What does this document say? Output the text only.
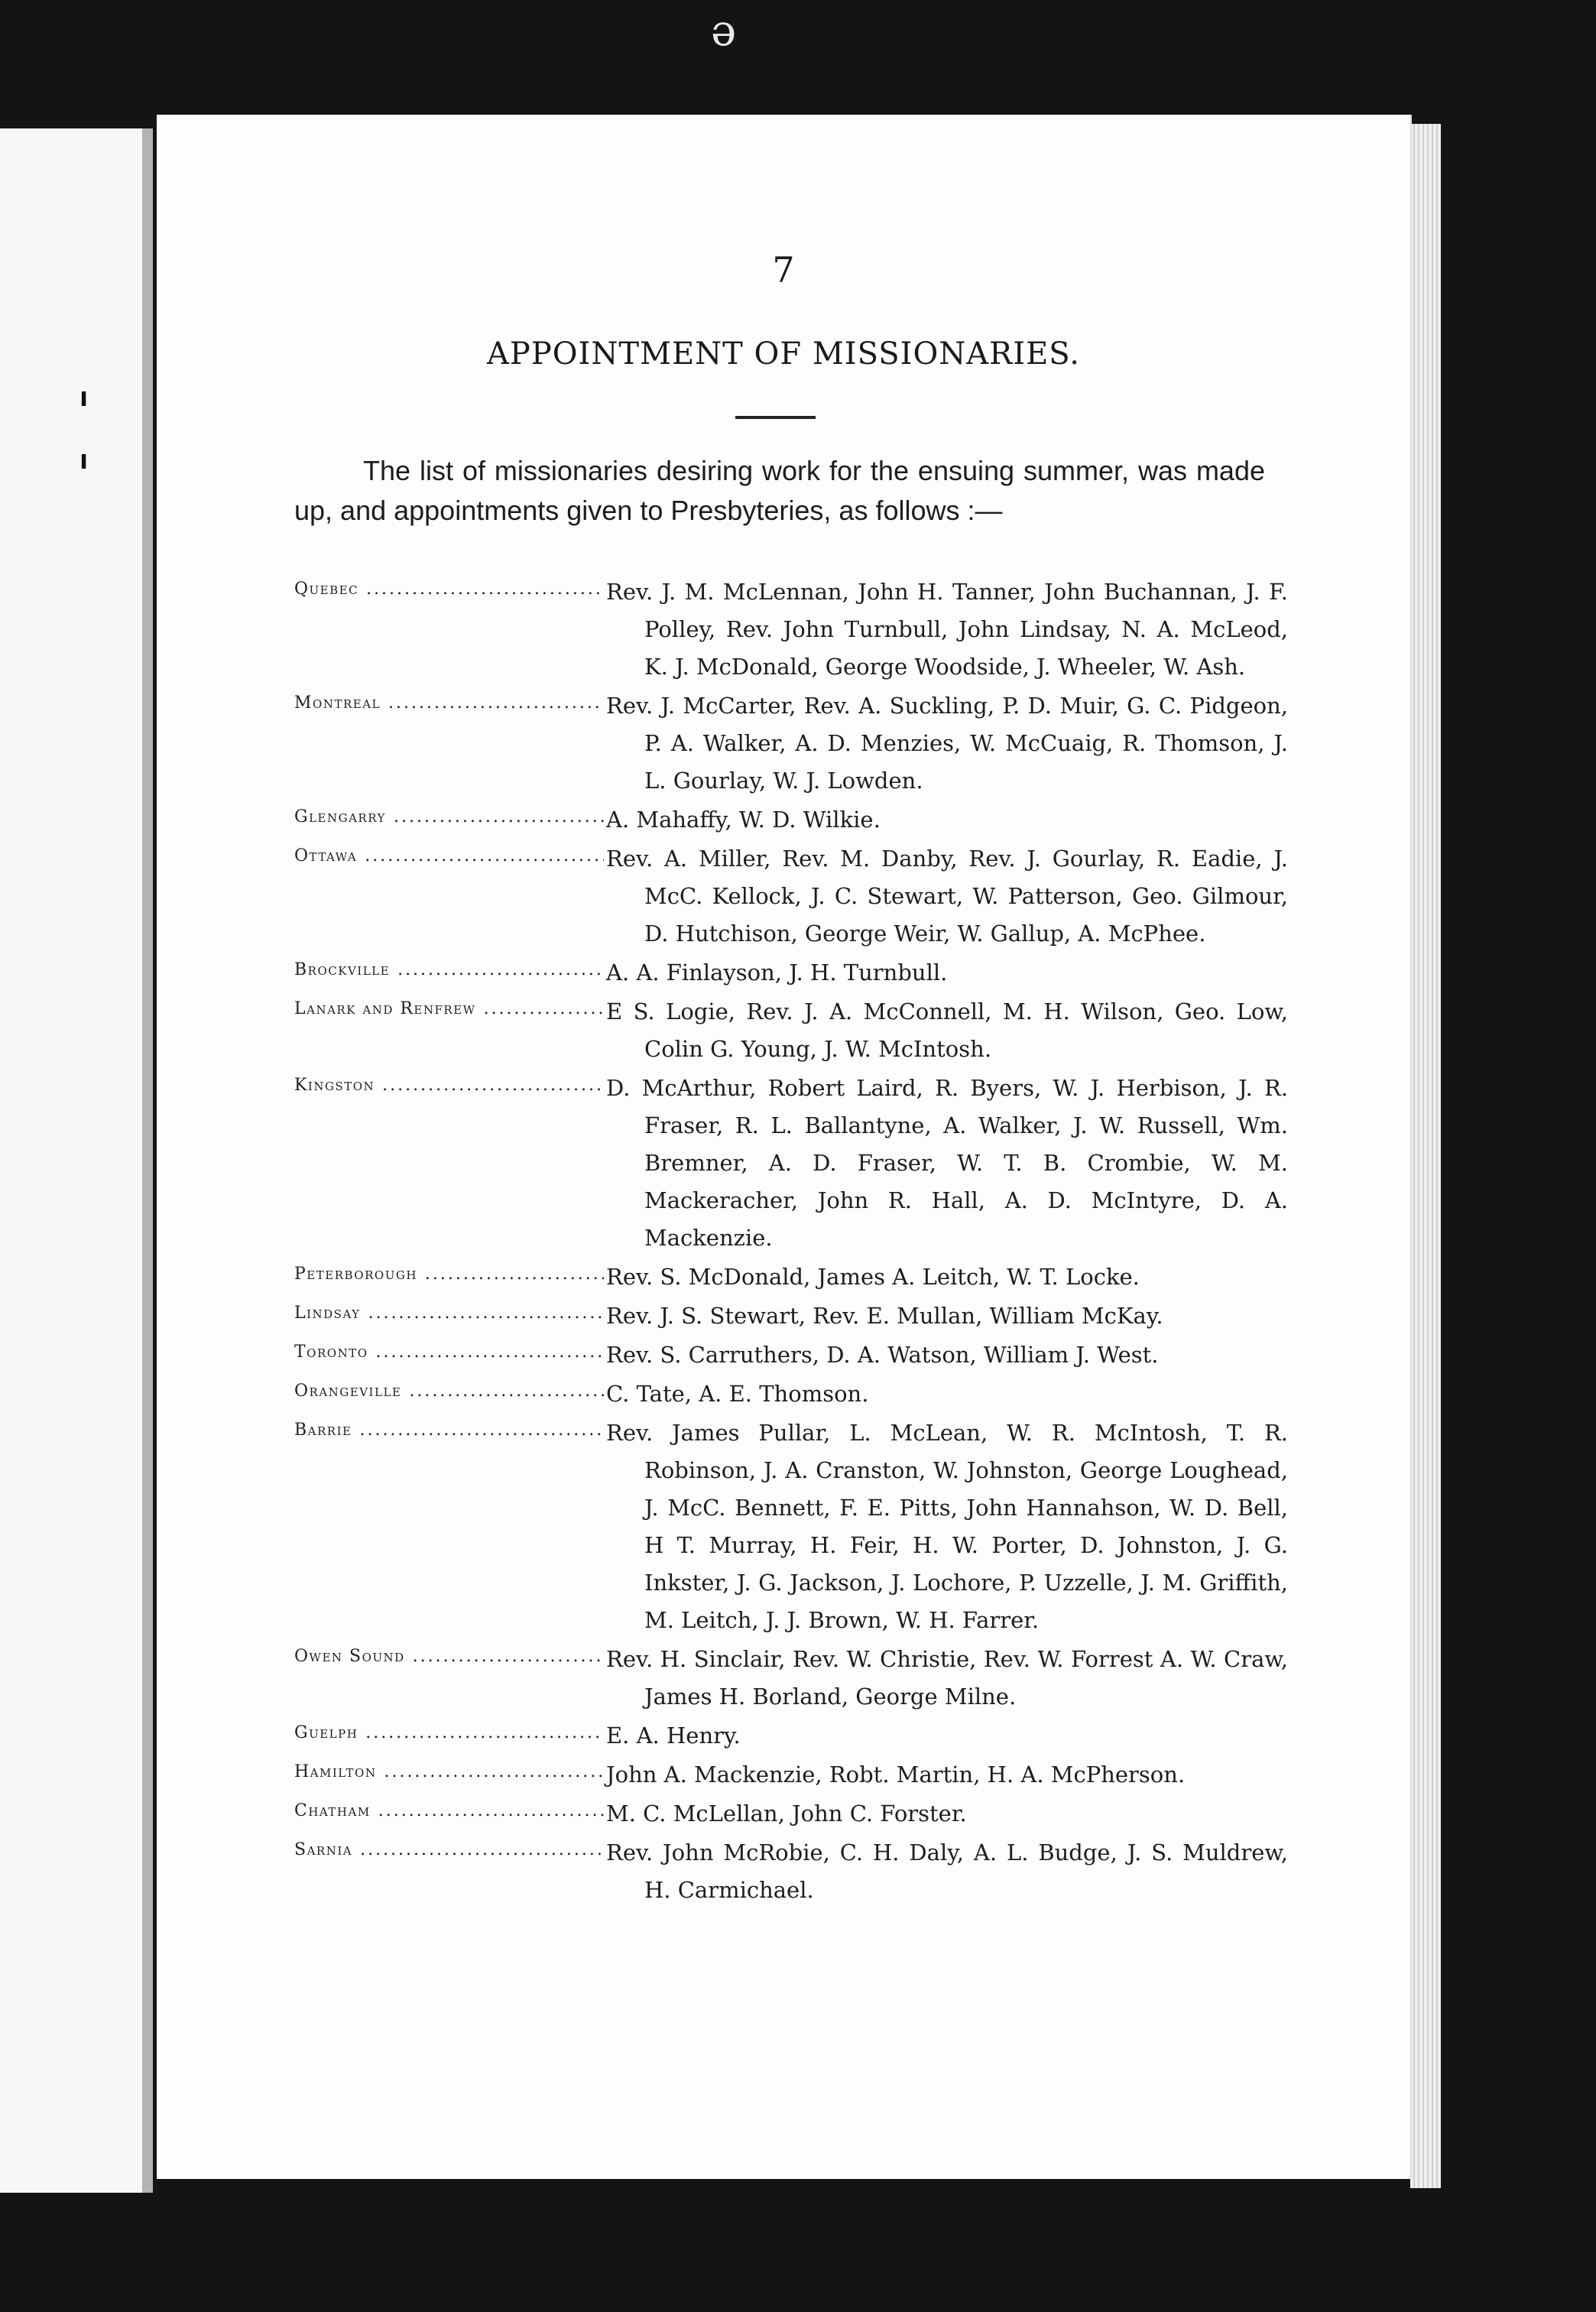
ə
' '
7
APPOINTMENT OF MISSIONARIES.
The list of missionaries desiring work for the ensuing summer, was made up, and appointments given to Presbyteries, as follows :—
Quebec .....	Rev. J. M. McLennan, John H. Tanner, John Buchannan, J. F. Polley, Rev. John Turnbull, John Lindsay, N. A. McLeod, K. J. McDonald, George Woodside, J. Wheeler, W. Ash.
Montreal .....	Rev. J. McCarter, Rev. A. Suckling, P. D. Muir, G. C. Pidgeon, P. A. Walker, A. D. Menzies, W. McCuaig, R. Thomson, J. L. Gourlay, W. J. Lowden.
Glengarry .....	A. Mahaffy, W. D. Wilkie.
Ottawa .....	Rev. A. Miller, Rev. M. Danby, Rev. J. Gourlay, R. Eadie, J. McC. Kellock, J. C. Stewart, W. Patterson, Geo. Gilmour, D. Hutchison, George Weir, W. Gallup, A. McPhee.
Brockville .....	A. A. Finlayson, J. H. Turnbull.
Lanark and Renfrew .....	E S. Logie, Rev. J. A. McConnell, M. H. Wilson, Geo. Low, Colin G. Young, J. W. McIntosh.
Kingston .....	D. McArthur, Robert Laird, R. Byers, W. J. Herbison, J. R. Fraser, R. L. Ballantyne, A. Walker, J. W. Russell, Wm. Bremner, A. D. Fraser, W. T. B. Crombie, W. M. Mackeracher, John R. Hall, A. D. McIntyre, D. A. Mackenzie.
Peterborough .....	Rev. S. McDonald, James A. Leitch, W. T. Locke.
Lindsay .....	Rev. J. S. Stewart, Rev. E. Mullan, William McKay.
Toronto .....	Rev. S. Carruthers, D. A. Watson, William J. West.
Orangeville .....	C. Tate, A. E. Thomson.
Barrie .....	Rev. James Pullar, L. McLean, W. R. McIntosh, T. R. Robinson, J. A. Cranston, W. Johnston, George Loughead, J. McC. Bennett, F. E. Pitts, John Hannahson, W. D. Bell, H T. Murray, H. Feir, H. W. Porter, D. Johnston, J. G. Inkster, J. G. Jackson, J. Lochore, P. Uzzelle, J. M. Griffith, M. Leitch, J. J. Brown, W. H. Farrer.
Owen Sound .....	Rev. H. Sinclair, Rev. W. Christie, Rev. W. Forrest A. W. Craw, James H. Borland, George Milne.
Guelph .....	E. A. Henry.
Hamilton .....	John A. Mackenzie, Robt. Martin, H. A. McPherson.
Chatham .....	M. C. McLellan, John C. Forster.
Sarnia .....	Rev. John McRobie, C. H. Daly, A. L. Budge, J. S. Muldrew, H. Carmichael.
